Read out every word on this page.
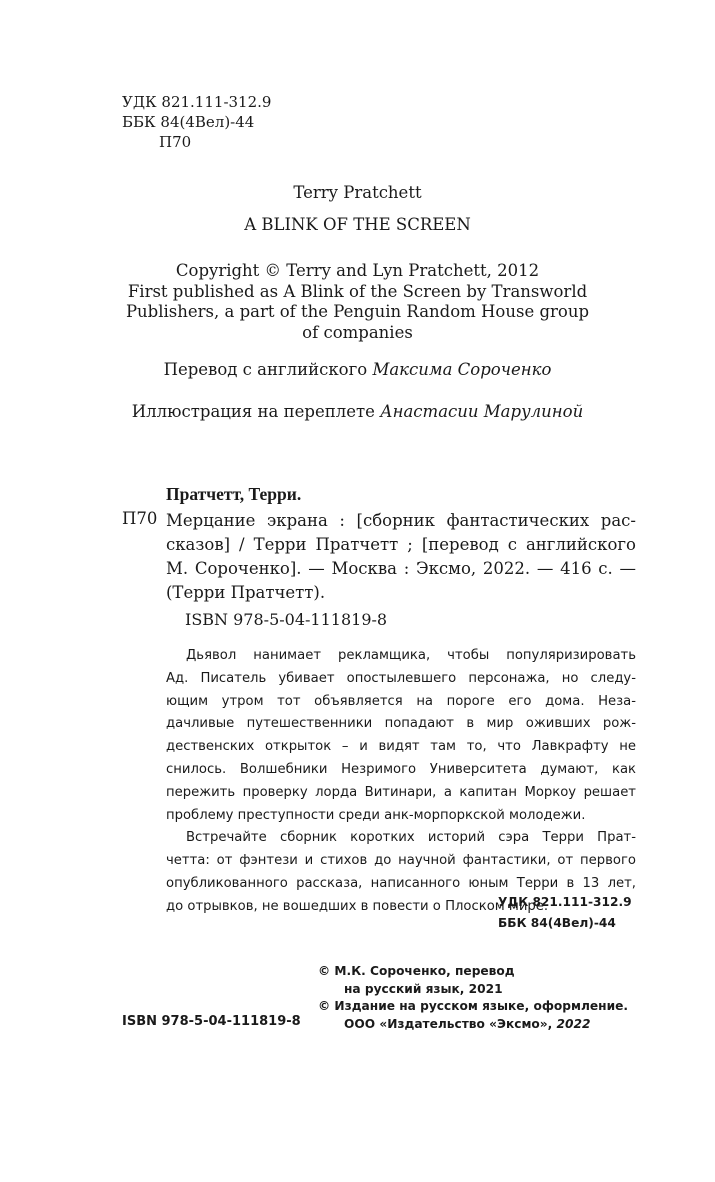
УДК 821.111-312.9
ББК 84(4Вел)-44
П70
Terry Pratchett
A BLINK OF THE SCREEN
Copyright © Terry and Lyn Pratchett, 2012
First published as A Blink of the Screen by Transworld
Publishers, a part of the Penguin Random House group
of companies
Перевод с английского Максима Сороченко
Иллюстрация на переплете Анастасии Марулиной
Пратчетт, Терри.
П70 Мерцание экрана : [сборник фантастических рас-
сказов] / Терри Пратчетт ; [перевод с английского
М. Сороченко]. — Москва : Эксмо, 2022. — 416 с. —
(Терри Пратчетт).
ISBN 978-5-04-111819-8
Дьявол нанимает рекламщика, чтобы популяризировать
Ад. Писатель убивает опостылевшего персонажа, но следу-
ющим утром тот объявляется на пороге его дома. Неза-
дачливые путешественники попадают в мир оживших рож-
дественских открыток – и видят там то, что Лавкрафту не
снилось. Волшебники Незримого Университета думают, как
пережить проверку лорда Витинари, а капитан Моркоу решает
проблему преступности среди анк-морпоркской молодежи.
Встречайте сборник коротких историй сэра Терри Прат-
четта: от фэнтези и стихов до научной фантастики, от первого
опубликованного рассказа, написанного юным Терри в 13 лет,
до отрывков, не вошедших в повести о Плоском мире.
УДК 821.111-312.9
ББК 84(4Вел)-44
© М.К. Сороченко, перевод
на русский язык, 2021
© Издание на русском языке, оформление.
ООО «Издательство «Эксмо», 2022
ISBN 978-5-04-111819-8
